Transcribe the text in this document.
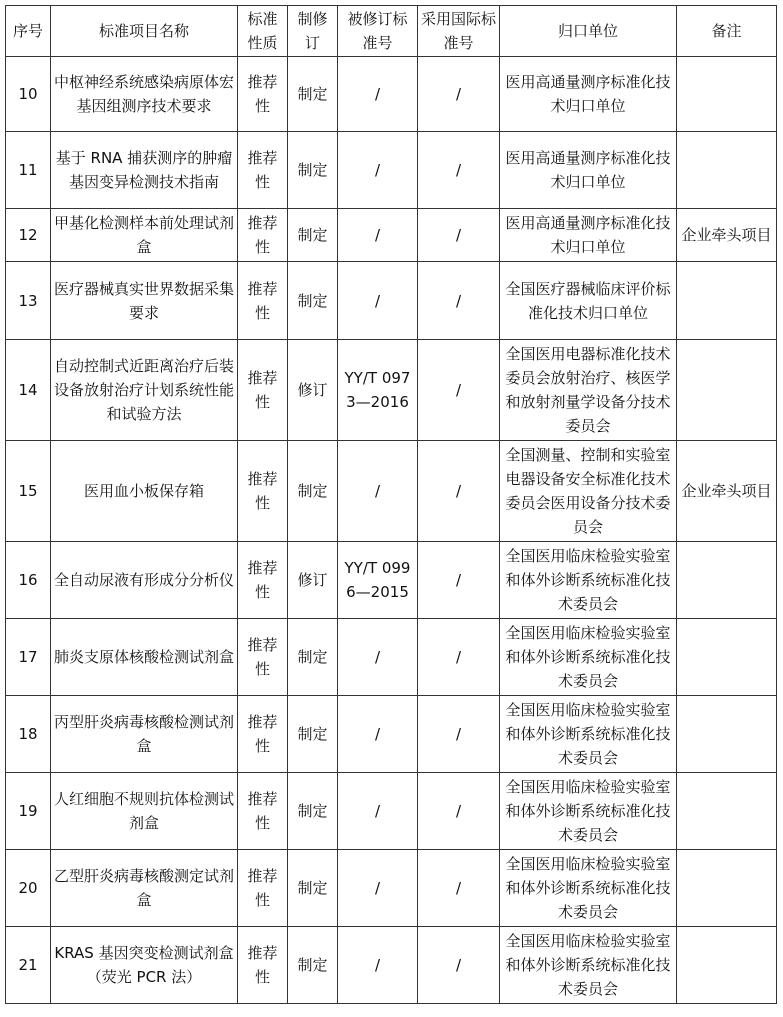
序号	标准项目名称	标准性质	制修订	被修订标准号	采用国际标准号	归口单位	备注
10	中枢神经系统感染病原体宏基因组测序技术要求	推荐性	制定	/	/	医用高通量测序标准化技术归口单位	
11	基于 RNA 捕获测序的肿瘤基因变异检测技术指南	推荐性	制定	/	/	医用高通量测序标准化技术归口单位	
12	甲基化检测样本前处理试剂盒	推荐性	制定	/	/	医用高通量测序标准化技术归口单位	企业牵头项目
13	医疗器械真实世界数据采集要求	推荐性	制定	/	/	全国医疗器械临床评价标准化技术归口单位	
14	自动控制式近距离治疗后装设备放射治疗计划系统性能和试验方法	推荐性	修订	YY/T 0973—2016	/	全国医用电器标准化技术委员会放射治疗、核医学和放射剂量学设备分技术委员会	
15	医用血小板保存箱	推荐性	制定	/	/	全国测量、控制和实验室电器设备安全标准化技术委员会医用设备分技术委员会	企业牵头项目
16	全自动尿液有形成分分析仪	推荐性	修订	YY/T 0996—2015	/	全国医用临床检验实验室和体外诊断系统标准化技术委员会	
17	肺炎支原体核酸检测试剂盒	推荐性	制定	/	/	全国医用临床检验实验室和体外诊断系统标准化技术委员会	
18	丙型肝炎病毒核酸检测试剂盒	推荐性	制定	/	/	全国医用临床检验实验室和体外诊断系统标准化技术委员会	
19	人红细胞不规则抗体检测试剂盒	推荐性	制定	/	/	全国医用临床检验实验室和体外诊断系统标准化技术委员会	
20	乙型肝炎病毒核酸测定试剂盒	推荐性	制定	/	/	全国医用临床检验实验室和体外诊断系统标准化技术委员会	
21	KRAS 基因突变检测试剂盒（荧光 PCR 法）	推荐性	制定	/	/	全国医用临床检验实验室和体外诊断系统标准化技术委员会	
